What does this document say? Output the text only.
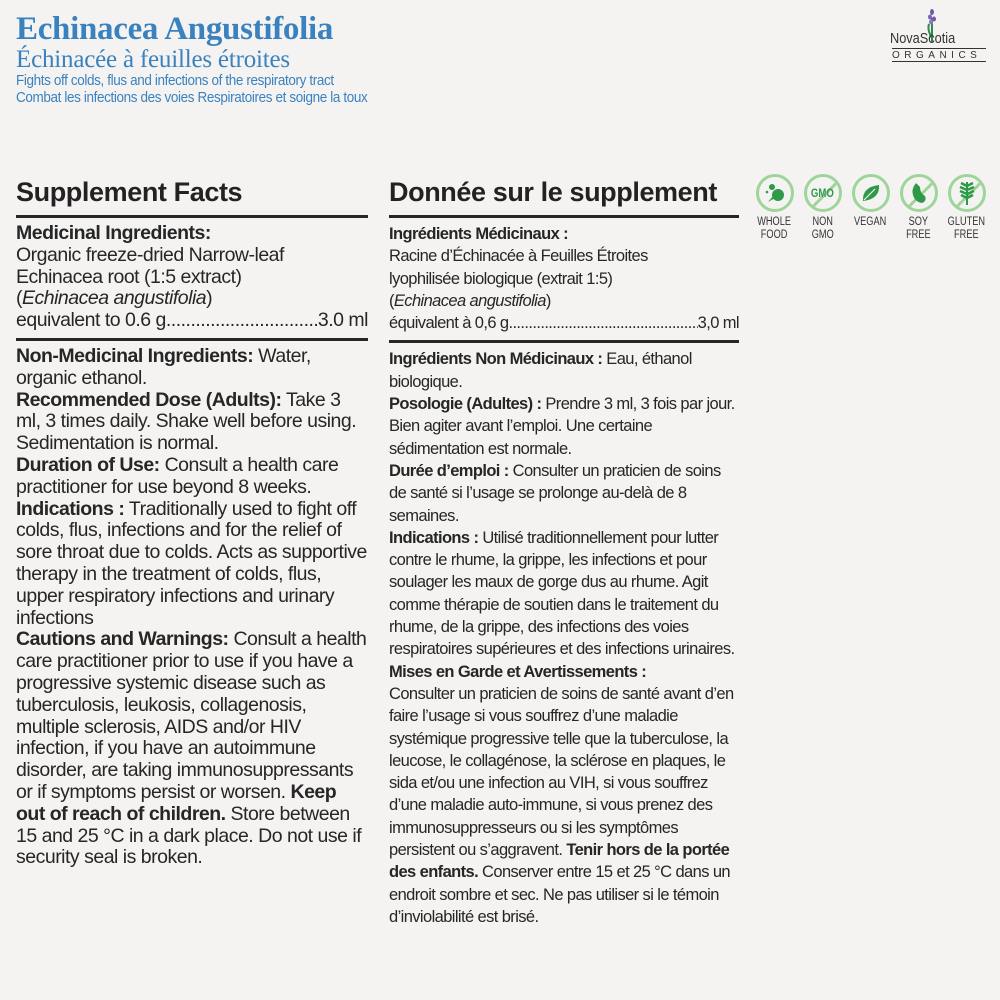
Echinacea Angustifolia
Échinacée à feuilles étroites
Fights off colds, flus and infections of the respiratory tract
Combat les infections des voies Respiratoires et soigne la toux
NovaScotia
ORGANICS
WHOLE
FOOD
GMO
NON
GMO
VEGAN SOY
FREE
GLUTEN
FREE
Supplement Facts

Medicinal Ingredients:

Organic freeze-dried Narrow-leaf

Echinacea root (1:5 extract)

(Echinacea angustifolia)

equivalent to 0.6 g .....	3.0 ml

Non-Medicinal Ingredients: Water, organic ethanol.

Recommended Dose (Adults): Take 3 ml, 3 times daily. Shake well before using. Sedimentation is normal.

Duration of Use: Consult a health care practitioner for use beyond 8 weeks.

Indications : Traditionally used to fight off colds, flus, infections and for the relief of sore throat due to colds. Acts as supportive therapy in the treatment of colds, flus, upper respiratory infections and urinary infections

Cautions and Warnings: Consult a health care practitioner prior to use if you have a progressive systemic disease such as tuberculosis, leukosis, collagenosis, multiple sclerosis, AIDS and/or HIV infection, if you have an autoimmune disorder, are taking immunosuppressants or if symptoms persist or worsen. Keep out of reach of children. Store between 15 and 25 °C in a dark place. Do not use if security seal is broken.

Donnée sur le supplement

Ingrédients Médicinaux :

Racine d’Échinacée à Feuilles Étroites

lyophilisée biologique (extrait 1:5)

(Echinacea angustifolia)

équivalent à 0,6 g .....	3,0 ml

Ingrédients Non Médicinaux : Eau, éthanol biologique.

Posologie (Adultes) : Prendre 3 ml, 3 fois par jour. Bien agiter avant l’emploi. Une certaine sédimentation est normale.

Durée d’emploi : Consulter un praticien de soins de santé si l’usage se prolonge au-delà de 8 semaines.

Indications : Utilisé traditionnellement pour lutter contre le rhume, la grippe, les infections et pour soulager les maux de gorge dus au rhume. Agit comme thérapie de soutien dans le traitement du rhume, de la grippe, des infections des voies respiratoires supérieures et des infections urinaires.

Mises en Garde et Avertissements :
Consulter un praticien de soins de santé avant d’en faire l’usage si vous souffrez d’une maladie systémique progressive telle que la tuberculose, la leucose, le collagénose, la sclérose en plaques, le sida et/ou une infection au VIH, si vous souffrez d’une maladie auto-immune, si vous prenez des immunosuppresseurs ou si les symptômes persistent ou s’aggravent. Tenir hors de la portée des enfants. Conserver entre 15 et 25 °C dans un endroit sombre et sec. Ne pas utiliser si le témoin d’inviolabilité est brisé.
